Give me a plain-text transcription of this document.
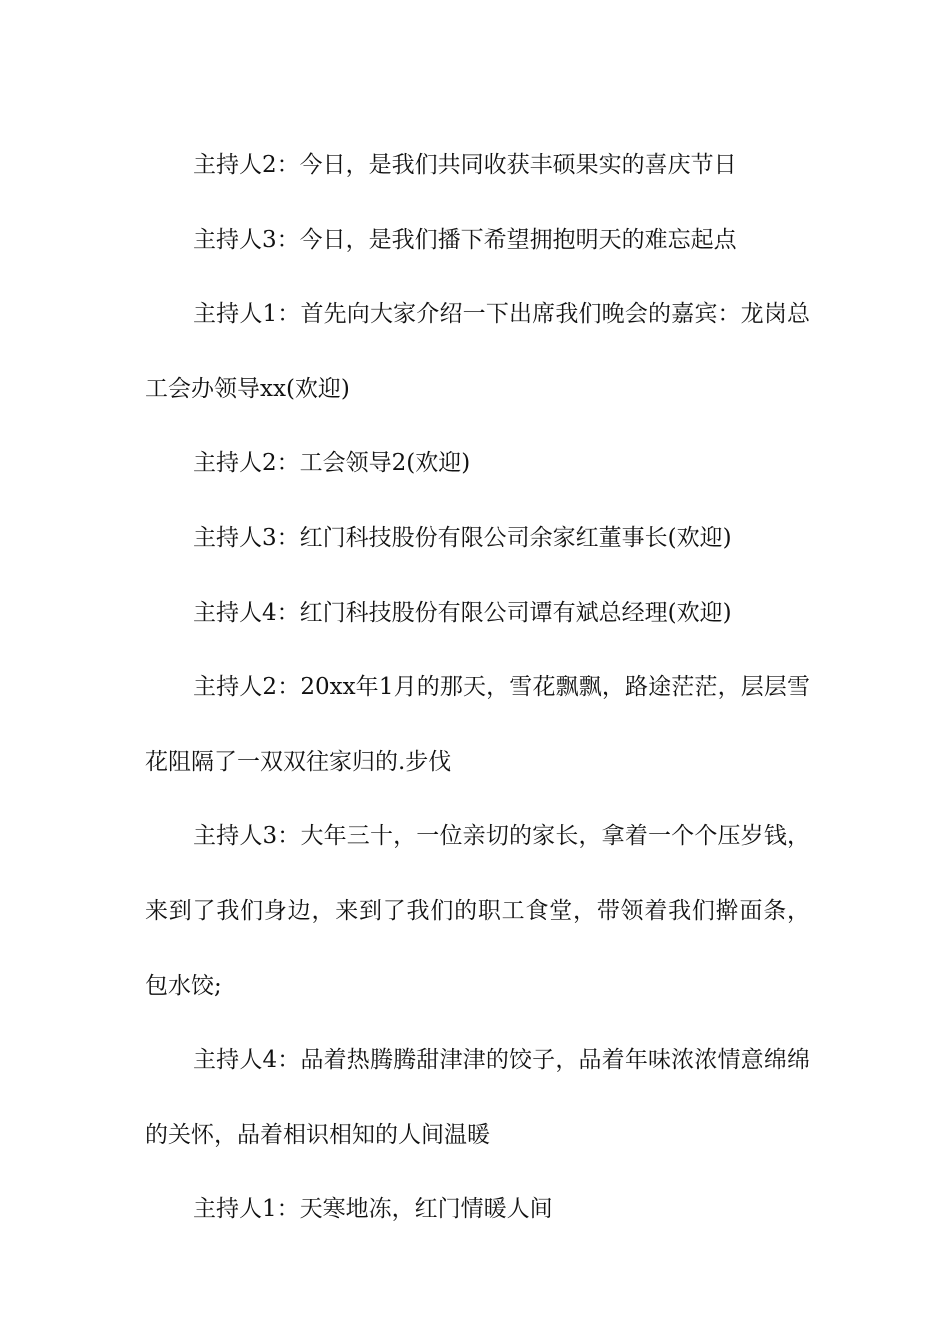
主持人2：今日，是我们共同收获丰硕果实的喜庆节日

主持人3：今日，是我们播下希望拥抱明天的难忘起点

主持人1：首先向大家介绍一下出席我们晚会的嘉宾：龙岗总工会办领导xx(欢迎)

主持人2：工会领导2(欢迎)

主持人3：红门科技股份有限公司余家红董事长(欢迎)

主持人4：红门科技股份有限公司谭有斌总经理(欢迎)

主持人2：20xx年1月的那天，雪花飘飘，路途茫茫，层层雪花阻隔了一双双往家归的.步伐

主持人3：大年三十，一位亲切的家长，拿着一个个压岁钱，来到了我们身边，来到了我们的职工食堂，带领着我们擀面条，包水饺;

主持人4：品着热腾腾甜津津的饺子，品着年味浓浓情意绵绵的关怀，品着相识相知的人间温暖

主持人1：天寒地冻，红门情暖人间
